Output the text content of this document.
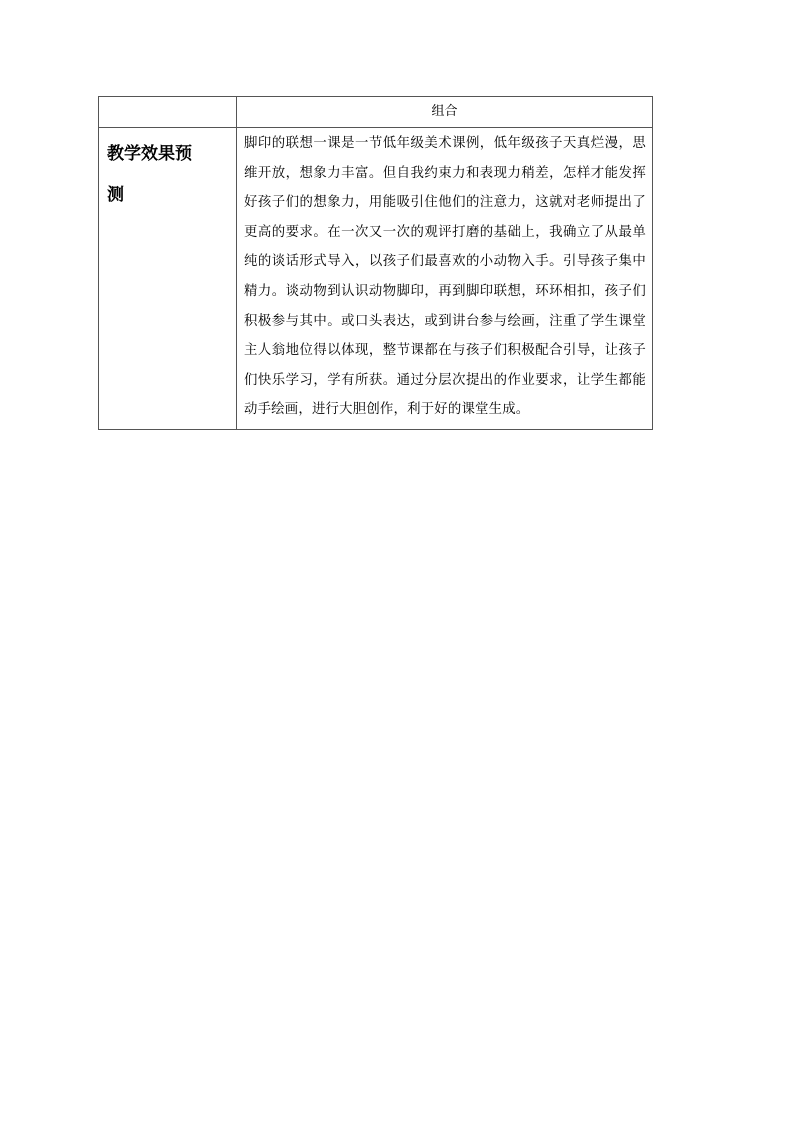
	组合

教学效果预测	脚印的联想一课是一节低年级美术课例，低年级孩子天真烂漫，思维开放，想象力丰富。但自我约束力和表现力稍差，怎样才能发挥好孩子们的想象力，用能吸引住他们的注意力，这就对老师提出了更高的要求。在一次又一次的观评打磨的基础上，我确立了从最单纯的谈话形式导入，以孩子们最喜欢的小动物入手。引导孩子集中精力。谈动物到认识动物脚印，再到脚印联想，环环相扣，孩子们积极参与其中。或口头表达，或到讲台参与绘画，注重了学生课堂主人翁地位得以体现，整节课都在与孩子们积极配合引导，让孩子们快乐学习，学有所获。通过分层次提出的作业要求，让学生都能动手绘画，进行大胆创作，利于好的课堂生成。
